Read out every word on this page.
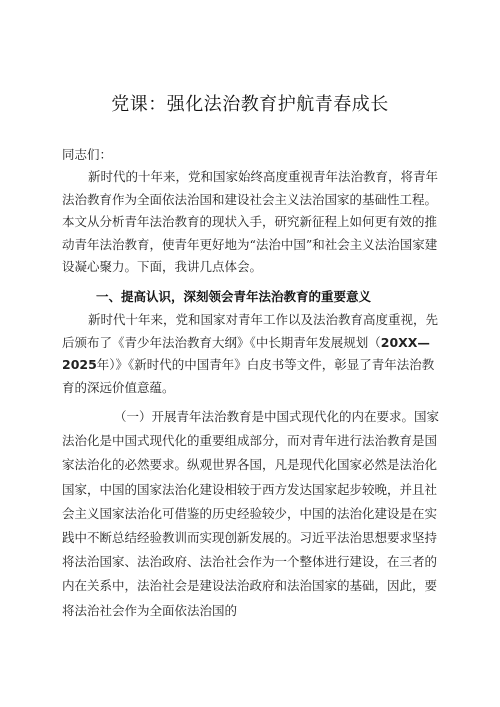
党课：强化法治教育护航青春成长
同志们：
新时代的十年来，党和国家始终高度重视青年法治教育，将青年法治教育作为全面依法治国和建设社会主义法治国家的基础性工程。本文从分析青年法治教育的现状入手，研究新征程上如何更有效的推动青年法治教育，使青年更好地为“法治中国”和社会主义法治国家建设凝心聚力。下面，我讲几点体会。
一、提高认识，深刻领会青年法治教育的重要意义
新时代十年来，党和国家对青年工作以及法治教育高度重视，先后颁布了《青少年法治教育大纲》《中长期青年发展规划（20XX—2025年）》《新时代的中国青年》白皮书等文件，彰显了青年法治教育的深远价值意蕴。
（一）开展青年法治教育是中国式现代化的内在要求。国家法治化是中国式现代化的重要组成部分，而对青年进行法治教育是国家法治化的必然要求。纵观世界各国，凡是现代化国家必然是法治化国家，中国的国家法治化建设相较于西方发达国家起步较晚，并且社会主义国家法治化可借鉴的历史经验较少，中国的法治化建设是在实践中不断总结经验教训而实现创新发展的。习近平法治思想要求坚持将法治国家、法治政府、法治社会作为一个整体进行建设，在三者的内在关系中，法治社会是建设法治政府和法治国家的基础，因此，要将法治社会作为全面依法治国的
